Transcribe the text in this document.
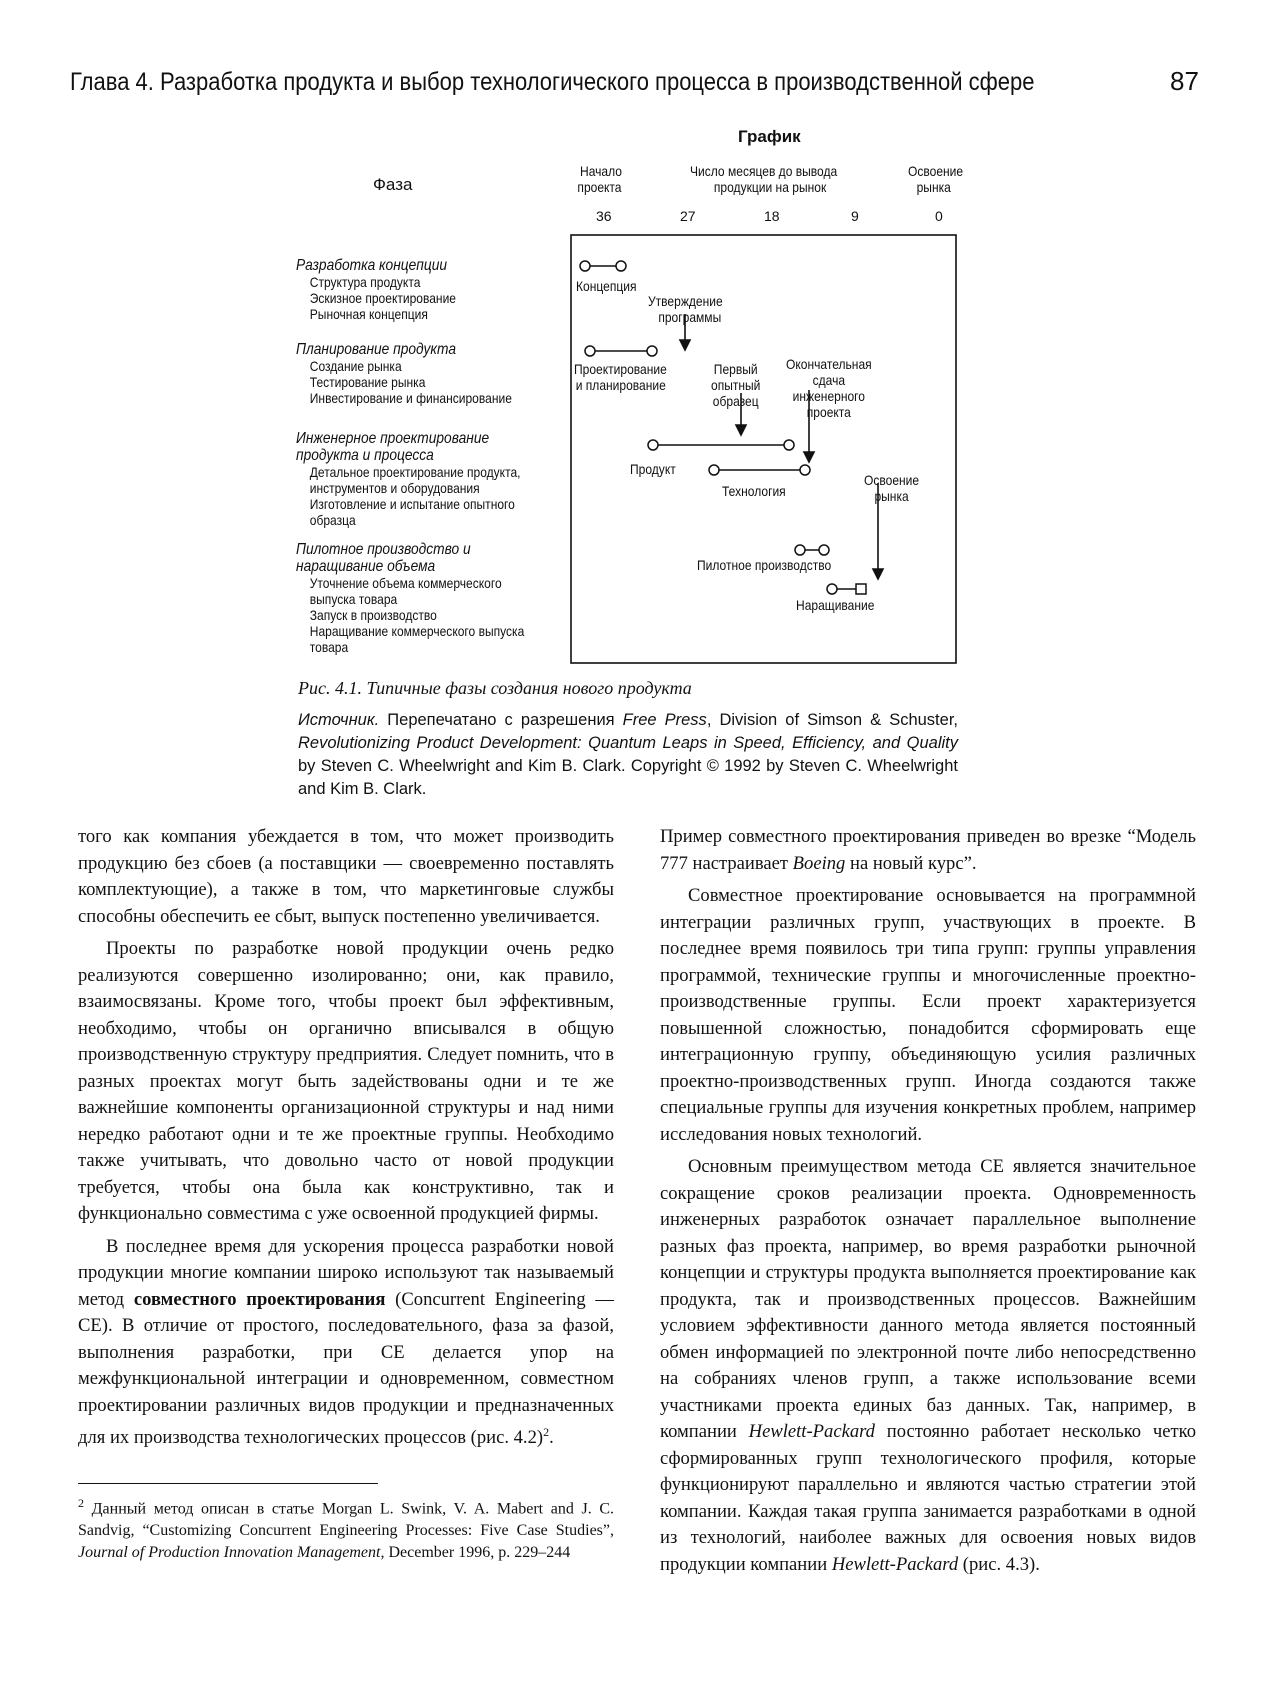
Глава 4. Разработка продукта и выбор технологического процесса в производственной сфере	87
График
Фаза
Начало
проекта
Число месяцев до вывода
продукции на рынок
Освоение
рынка
36	27	18	9	0
Разработка концепции
Структура продукта
Эскизное проектирование
Рыночная концепция
Планирование продукта
Создание рынка
Тестирование рынка
Инвестирование и финансирование
Инженерное проектирование
продукта и процесса
Детальное проектирование продукта,
инструментов и оборудования
Изготовление и испытание опытного
образца
Пилотное производство и
наращивание объема
Уточнение объема коммерческого
выпуска товара
Запуск в производство
Наращивание коммерческого выпуска
товара
Концепция
Утверждение
программы
Проектирование
и планирование
Первый
опытный
образец
Окончательная
сдача
инженерного
проекта
Продукт
Технология
Освоение
рынка
Пилотное производство
Наращивание
Рис. 4.1. Типичные фазы создания нового продукта
Источник. Перепечатано с разрешения Free Press, Division of Simson & Schuster, Revolutionizing Product Development: Quantum Leaps in Speed, Efficiency, and Quality by Steven C. Wheelwright and Kim B. Clark. Copyright © 1992 by Steven C. Wheelwright and Kim B. Clark.

того как компания убеждается в том, что может производить продукцию без сбоев (а поставщики — своевременно поставлять комплектующие), а также в том, что маркетинговые службы способны обеспечить ее сбыт, выпуск постепенно увеличивается.

Проекты по разработке новой продукции очень редко реализуются совершенно изолированно; они, как правило, взаимосвязаны. Кроме того, чтобы проект был эффективным, необходимо, чтобы он органично вписывался в общую производственную структуру предприятия. Следует помнить, что в разных проектах могут быть задействованы одни и те же важнейшие компоненты организационной структуры и над ними нередко работают одни и те же проектные группы. Необходимо также учитывать, что довольно часто от новой продукции требуется, чтобы она была как конструктивно, так и функционально совместима с уже освоенной продукцией фирмы.

В последнее время для ускорения процесса разработки новой продукции многие компании широко используют так называемый метод совместного проектирования (Concurrent Engineering — CE). В отличие от простого, последовательного, фаза за фазой, выполнения разработки, при CE делается упор на межфункциональной интеграции и одновременном, совместном проектировании различных видов продукции и предназначенных для их производства технологических процессов (рис. 4.2)$^2$.

$^2$ Данный метод описан в статье Morgan L. Swink, V. A. Mabert and J. C. Sandvig, “Customizing Concurrent Engineering Processes: Five Case Studies”, Journal of Production Innovation Management, December 1996, p. 229–244

Пример совместного проектирования приведен во врезке “Модель 777 настраивает Boeing на новый курс”.

Совместное проектирование основывается на программной интеграции различных групп, участвующих в проекте. В последнее время появилось три типа групп: группы управления программой, технические группы и многочисленные проектно-производственные группы. Если проект характеризуется повышенной сложностью, понадобится сформировать еще интеграционную группу, объединяющую усилия различных проектно-производственных групп. Иногда создаются также специальные группы для изучения конкретных проблем, например исследования новых технологий.

Основным преимуществом метода CE является значительное сокращение сроков реализации проекта. Одновременность инженерных разработок означает параллельное выполнение разных фаз проекта, например, во время разработки рыночной концепции и структуры продукта выполняется проектирование как продукта, так и производственных процессов. Важнейшим условием эффективности данного метода является постоянный обмен информацией по электронной почте либо непосредственно на собраниях членов групп, а также использование всеми участниками проекта единых баз данных. Так, например, в компании Hewlett-Packard постоянно работает несколько четко сформированных групп технологического профиля, которые функционируют параллельно и являются частью стратегии этой компании. Каждая такая группа занимается разработками в одной из технологий, наиболее важных для освоения новых видов продукции компании Hewlett-Packard (рис. 4.3).
